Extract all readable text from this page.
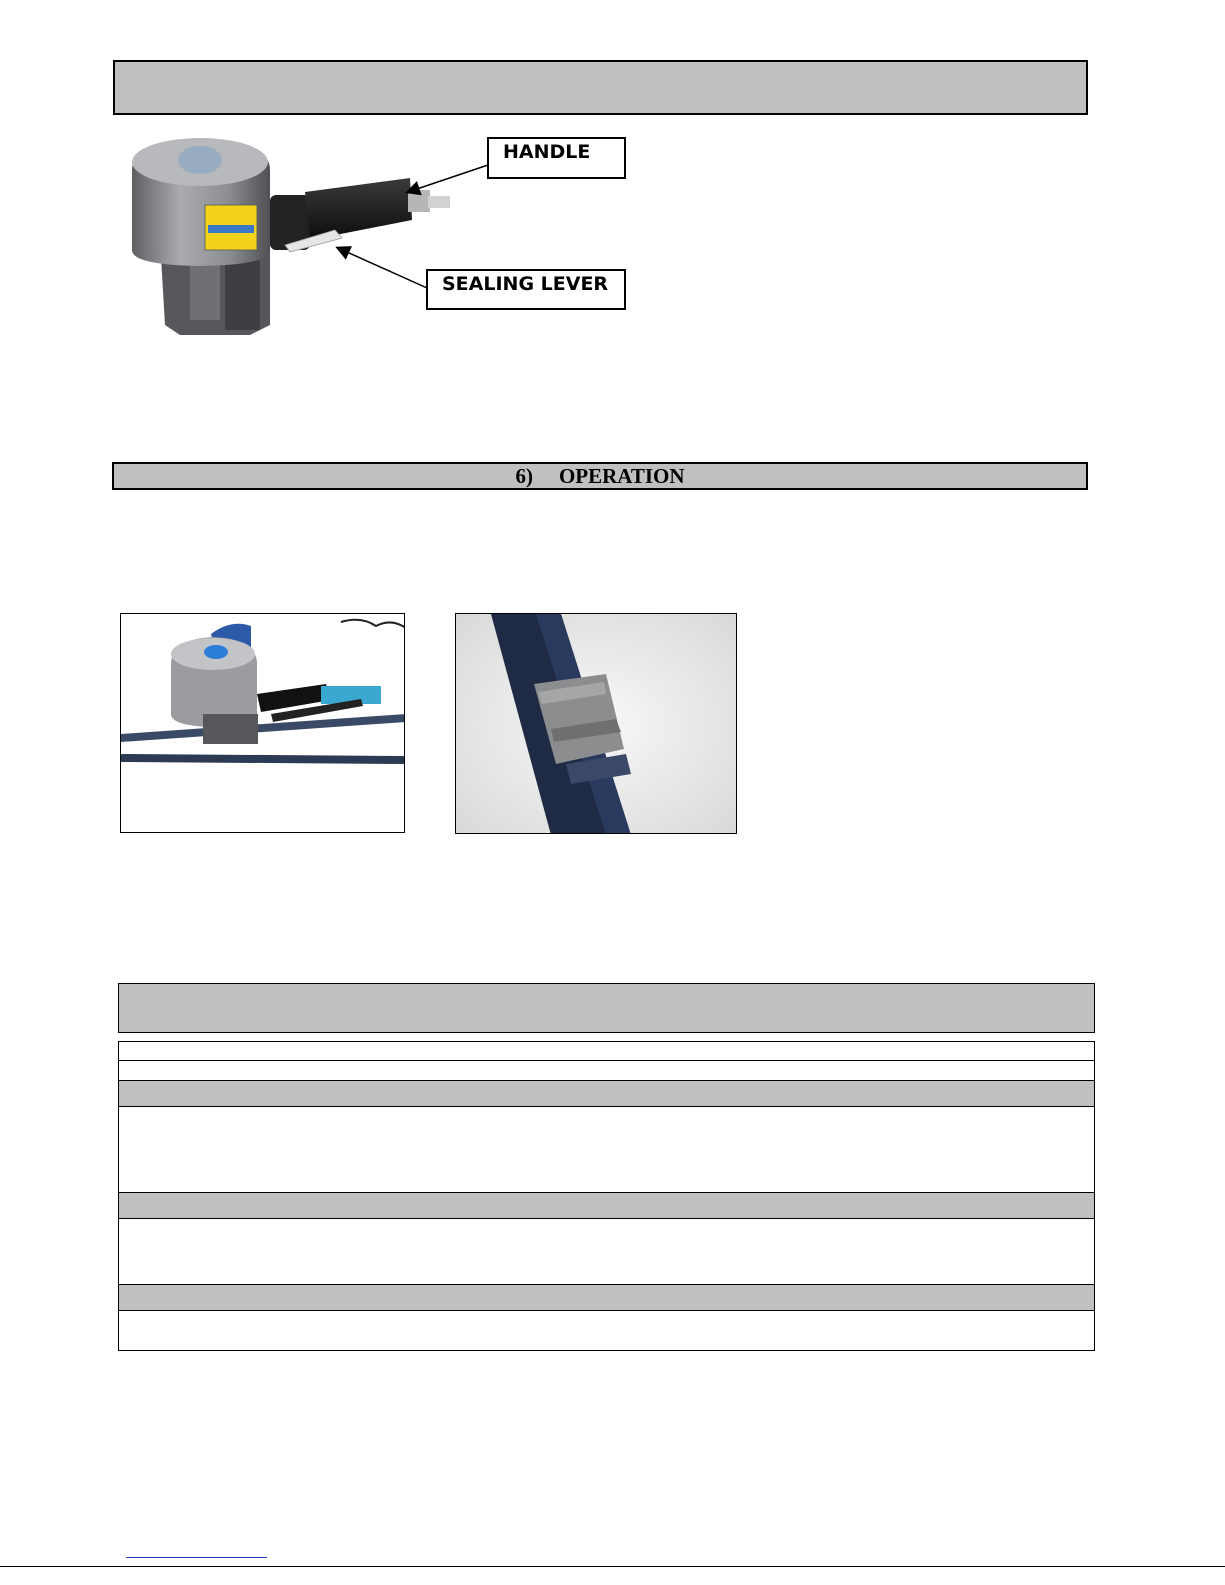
HANDLE
SEALING LEVER
6) OPERATION
